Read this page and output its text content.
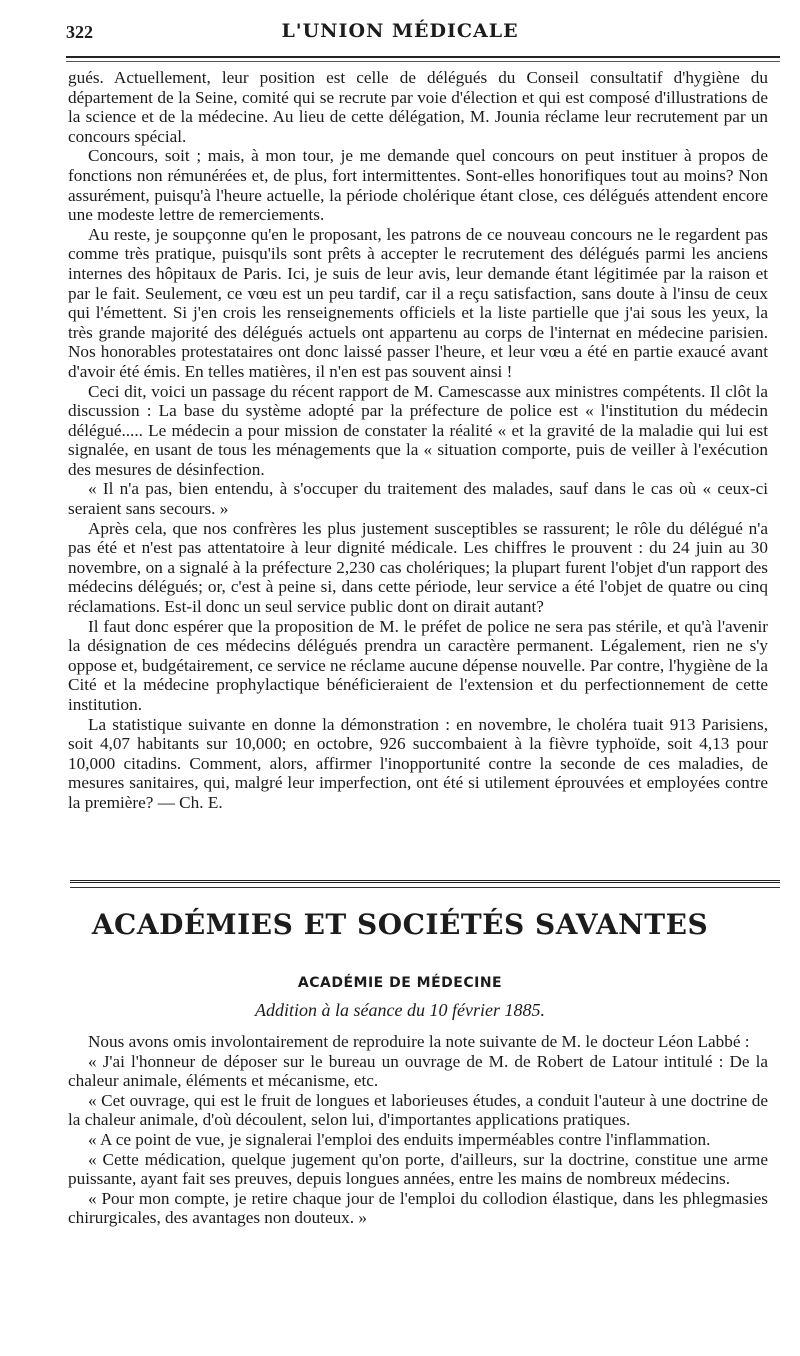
322	L'UNION MÉDICALE

gués. Actuellement, leur position est celle de délégués du Conseil consultatif d'hygiène du département de la Seine, comité qui se recrute par voie d'élection et qui est composé d'illustrations de la science et de la médecine. Au lieu de cette délégation, M. Jounia réclame leur recrutement par un concours spécial.

Concours, soit ; mais, à mon tour, je me demande quel concours on peut instituer à propos de fonctions non rémunérées et, de plus, fort intermittentes. Sont-elles honorifiques tout au moins? Non assurément, puisqu'à l'heure actuelle, la période cholérique étant close, ces délégués attendent encore une modeste lettre de remerciements.

Au reste, je soupçonne qu'en le proposant, les patrons de ce nouveau concours ne le regardent pas comme très pratique, puisqu'ils sont prêts à accepter le recrutement des délégués parmi les anciens internes des hôpitaux de Paris. Ici, je suis de leur avis, leur demande étant légitimée par la raison et par le fait. Seulement, ce vœu est un peu tardif, car il a reçu satisfaction, sans doute à l'insu de ceux qui l'émettent. Si j'en crois les renseignements officiels et la liste partielle que j'ai sous les yeux, la très grande majorité des délégués actuels ont appartenu au corps de l'internat en médecine parisien. Nos honorables protestataires ont donc laissé passer l'heure, et leur vœu a été en partie exaucé avant d'avoir été émis. En telles matières, il n'en est pas souvent ainsi !

Ceci dit, voici un passage du récent rapport de M. Camescasse aux ministres compétents. Il clôt la discussion : La base du système adopté par la préfecture de police est « l'institution du médecin délégué..... Le médecin a pour mission de constater la réalité « et la gravité de la maladie qui lui est signalée, en usant de tous les ménagements que la « situation comporte, puis de veiller à l'exécution des mesures de désinfection.

« Il n'a pas, bien entendu, à s'occuper du traitement des malades, sauf dans le cas où « ceux-ci seraient sans secours. »

Après cela, que nos confrères les plus justement susceptibles se rassurent; le rôle du délégué n'a pas été et n'est pas attentatoire à leur dignité médicale. Les chiffres le prouvent : du 24 juin au 30 novembre, on a signalé à la préfecture 2,230 cas cholériques; la plupart furent l'objet d'un rapport des médecins délégués; or, c'est à peine si, dans cette période, leur service a été l'objet de quatre ou cinq réclamations. Est-il donc un seul service public dont on dirait autant?

Il faut donc espérer que la proposition de M. le préfet de police ne sera pas stérile, et qu'à l'avenir la désignation de ces médecins délégués prendra un caractère permanent. Légalement, rien ne s'y oppose et, budgétairement, ce service ne réclame aucune dépense nouvelle. Par contre, l'hygiène de la Cité et la médecine prophylactique bénéficieraient de l'extension et du perfectionnement de cette institution.

La statistique suivante en donne la démonstration : en novembre, le choléra tuait 913 Parisiens, soit 4,07 habitants sur 10,000; en octobre, 926 succombaient à la fièvre typhoïde, soit 4,13 pour 10,000 citadins. Comment, alors, affirmer l'inopportunité contre la seconde de ces maladies, de mesures sanitaires, qui, malgré leur imperfection, ont été si utilement éprouvées et employées contre la première? — Ch. E.

ACADÉMIES ET SOCIÉTÉS SAVANTES
ACADÉMIE DE MÉDECINE
Addition à la séance du 10 février 1885.

Nous avons omis involontairement de reproduire la note suivante de M. le docteur Léon Labbé :

« J'ai l'honneur de déposer sur le bureau un ouvrage de M. de Robert de Latour intitulé : De la chaleur animale, éléments et mécanisme, etc.

« Cet ouvrage, qui est le fruit de longues et laborieuses études, a conduit l'auteur à une doctrine de la chaleur animale, d'où découlent, selon lui, d'importantes applications pratiques.

« A ce point de vue, je signalerai l'emploi des enduits imperméables contre l'inflammation.

« Cette médication, quelque jugement qu'on porte, d'ailleurs, sur la doctrine, constitue une arme puissante, ayant fait ses preuves, depuis longues années, entre les mains de nombreux médecins.

« Pour mon compte, je retire chaque jour de l'emploi du collodion élastique, dans les phlegmasies chirurgicales, des avantages non douteux. »
